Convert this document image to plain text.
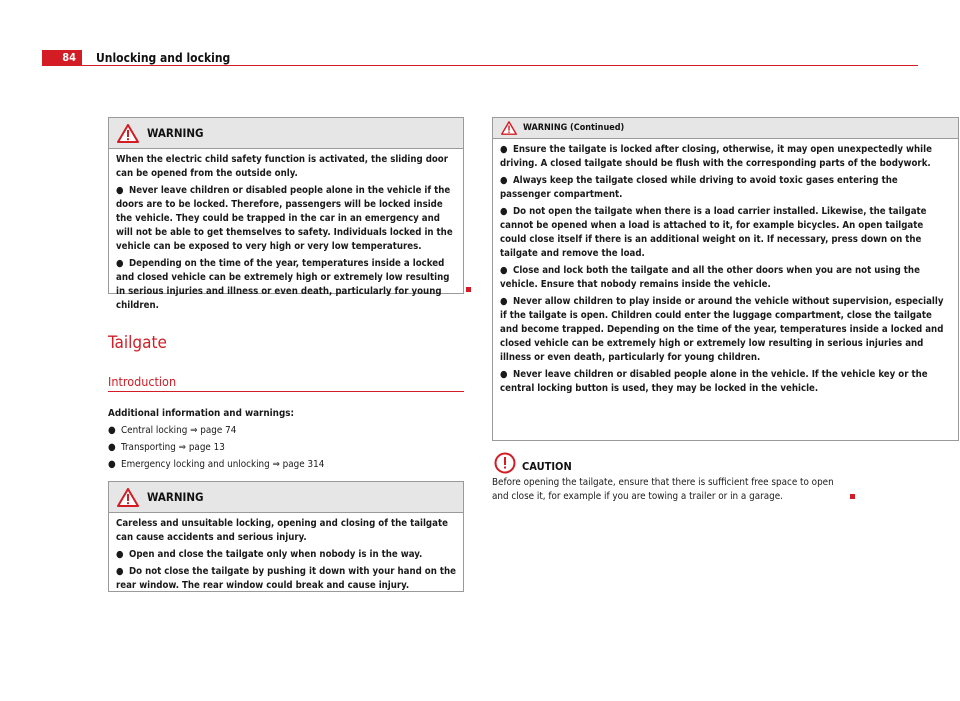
84	Unlocking and locking
WARNING

When the electric child safety function is activated, the sliding door can be opened from the outside only.

● Never leave children or disabled people alone in the vehicle if the doors are to be locked. Therefore, passengers will be locked inside the vehicle. They could be trapped in the car in an emergency and will not be able to get themselves to safety. Individuals locked in the vehicle can be exposed to very high or very low temperatures.

● Depending on the time of the year, temperatures inside a locked and closed vehicle can be extremely high or extremely low resulting in serious injuries and illness or even death, particularly for young children.

Tailgate
Introduction
Additional information and warnings:
● Central locking ⇒ page 74
● Transporting ⇒ page 13
● Emergency locking and unlocking ⇒ page 314
WARNING

Careless and unsuitable locking, opening and closing of the tailgate can cause accidents and serious injury.

● Open and close the tailgate only when nobody is in the way.

● Do not close the tailgate by pushing it down with your hand on the rear window. The rear window could break and cause injury.

WARNING (Continued)

● Ensure the tailgate is locked after closing, otherwise, it may open unexpectedly while driving. A closed tailgate should be flush with the corresponding parts of the bodywork.

● Always keep the tailgate closed while driving to avoid toxic gases entering the passenger compartment.

● Do not open the tailgate when there is a load carrier installed. Likewise, the tailgate cannot be opened when a load is attached to it, for example bicycles. An open tailgate could close itself if there is an additional weight on it. If necessary, press down on the tailgate and remove the load.

● Close and lock both the tailgate and all the other doors when you are not using the vehicle. Ensure that nobody remains inside the vehicle.

● Never allow children to play inside or around the vehicle without supervision, especially if the tailgate is open. Children could enter the luggage compartment, close the tailgate and become trapped. Depending on the time of the year, temperatures inside a locked and closed vehicle can be extremely high or extremely low resulting in serious injuries and illness or even death, particularly for young children.

● Never leave children or disabled people alone in the vehicle. If the vehicle key or the central locking button is used, they may be locked in the vehicle.

CAUTION
Before opening the tailgate, ensure that there is sufficient free space to open and close it, for example if you are towing a trailer or in a garage.
